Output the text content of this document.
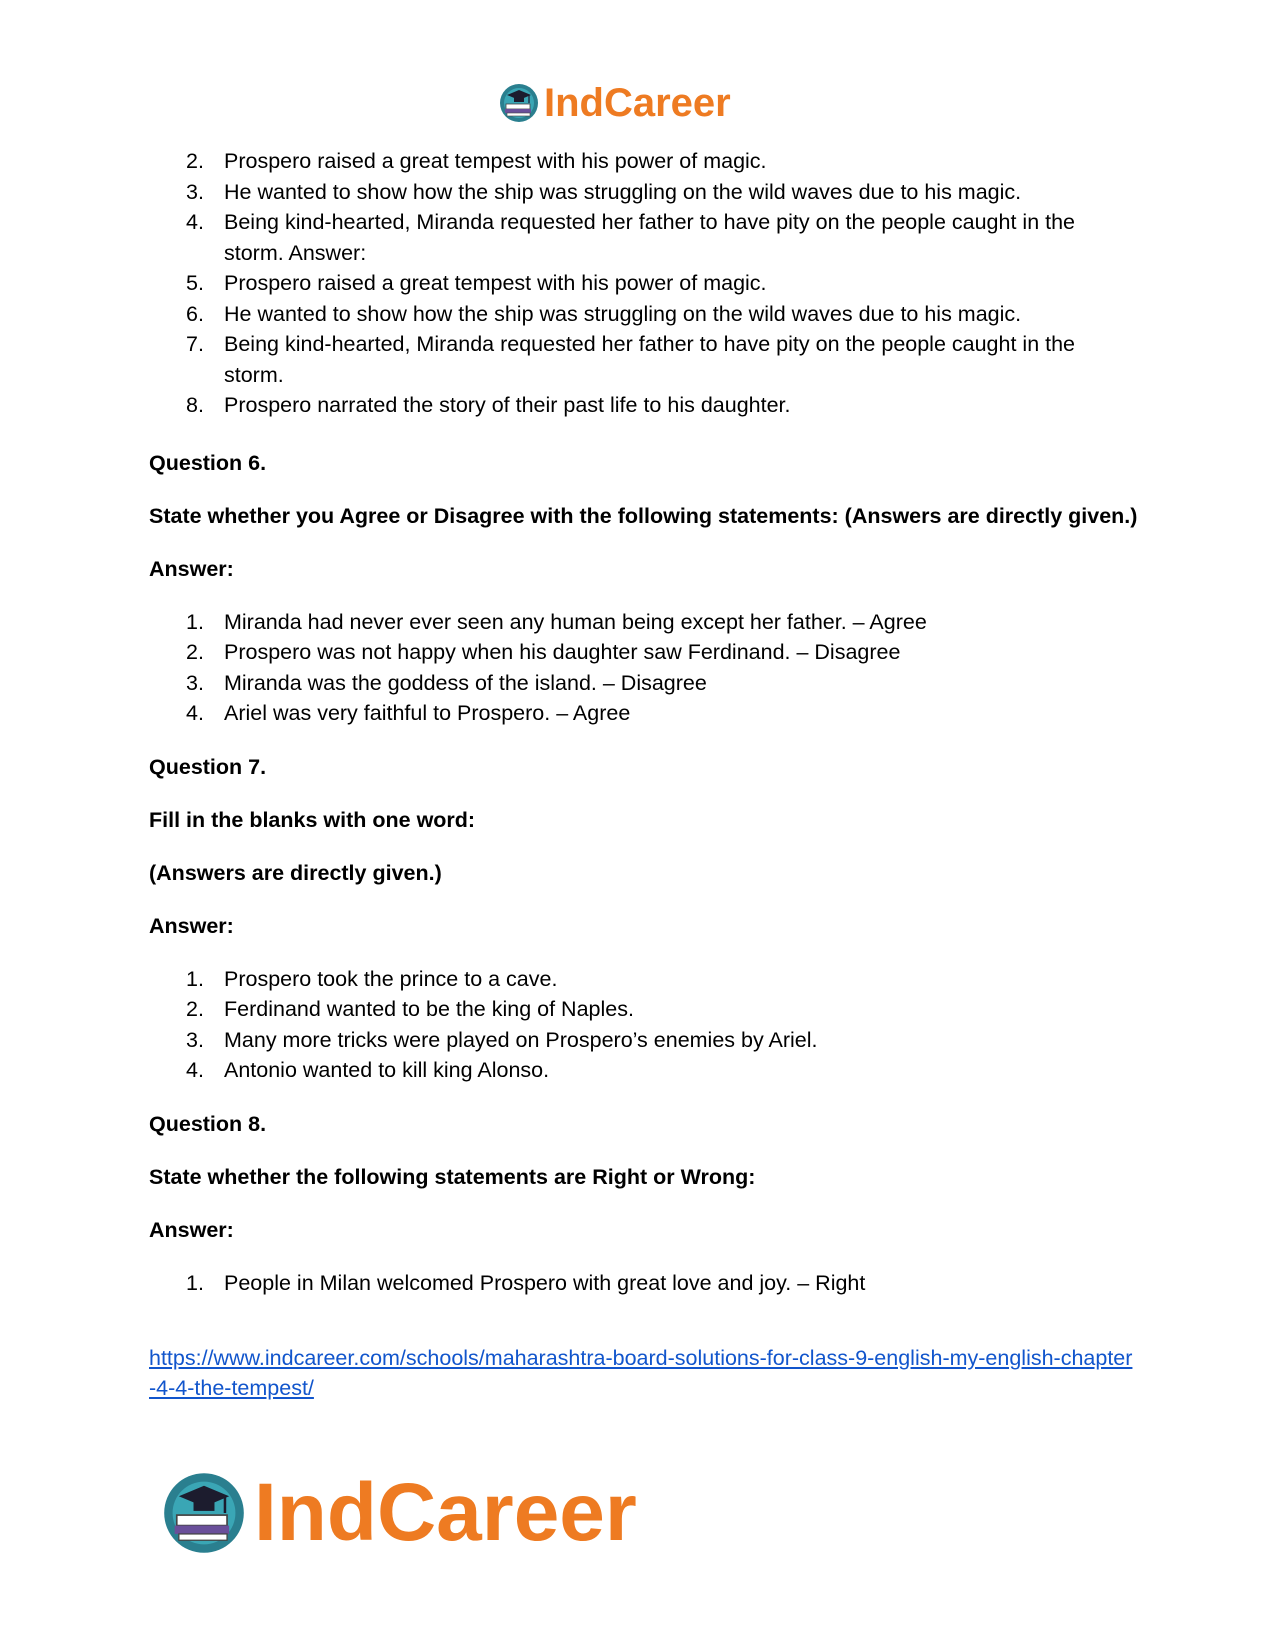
IndCareer
2. Prospero raised a great tempest with his power of magic.
3. He wanted to show how the ship was struggling on the wild waves due to his magic.
4. Being kind-hearted, Miranda requested her father to have pity on the people caught in the storm. Answer:
5. Prospero raised a great tempest with his power of magic.
6. He wanted to show how the ship was struggling on the wild waves due to his magic.
7. Being kind-hearted, Miranda requested her father to have pity on the people caught in the storm.
8. Prospero narrated the story of their past life to his daughter.

Question 6.

State whether you Agree or Disagree with the following statements: (Answers are directly given.)

Answer:

1. Miranda had never ever seen any human being except her father. – Agree
2. Prospero was not happy when his daughter saw Ferdinand. – Disagree
3. Miranda was the goddess of the island. – Disagree
4. Ariel was very faithful to Prospero. – Agree

Question 7.

Fill in the blanks with one word:

(Answers are directly given.)

Answer:

1. Prospero took the prince to a cave.
2. Ferdinand wanted to be the king of Naples.
3. Many more tricks were played on Prospero’s enemies by Ariel.
4. Antonio wanted to kill king Alonso.

Question 8.

State whether the following statements are Right or Wrong:

Answer:

1. People in Milan welcomed Prospero with great love and joy. – Right
https://www.indcareer.com/schools/maharashtra-board-solutions-for-class-9-english-my-english-chapter-4-4-the-tempest/
IndCareer
